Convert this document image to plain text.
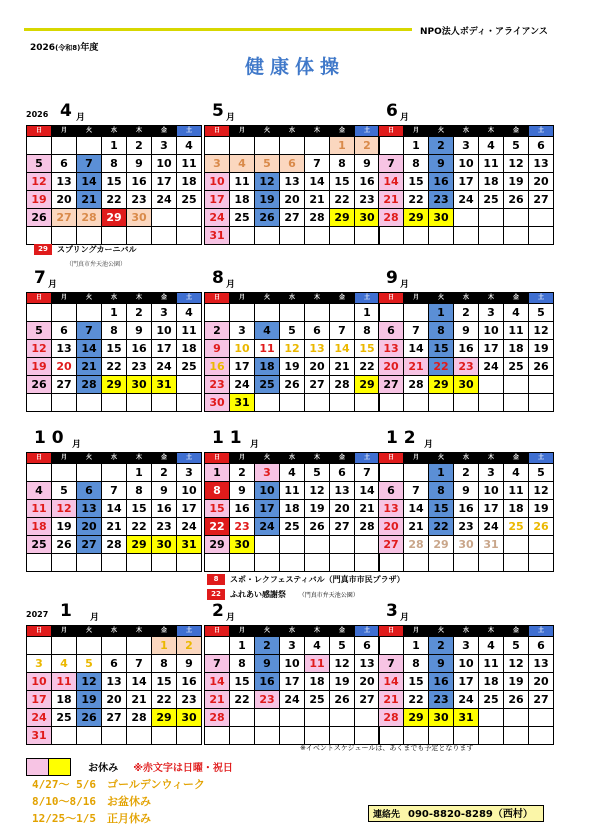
NPO法人ボディ・アライアンス
2026(令和8)年度
健康体操
2026 4 月
日	月	火	水	木	金	土
			1	2	3	4
5	6	7	8	9	10	11
12	13	14	15	16	17	18
19	20	21	22	23	24	25
26	27	28	29	30		

5 月
日	月	火	水	木	金	土
					1	2
3	4	5	6	7	8	9
10	11	12	13	14	15	16
17	18	19	20	21	22	23
24	25	26	27	28	29	30
31						
6 月
日	月	火	水	木	金	土
	1	2	3	4	5	6
7	8	9	10	11	12	13
14	15	16	17	18	19	20
21	22	23	24	25	26	27
28	29	30				

7 月
日	月	火	水	木	金	土
			1	2	3	4
5	6	7	8	9	10	11
12	13	14	15	16	17	18
19	20	21	22	23	24	25
26	27	28	29	30	31	

8 月
日	月	火	水	木	金	土
						1
2	3	4	5	6	7	8
9	10	11	12	13	14	15
16	17	18	19	20	21	22
23	24	25	26	27	28	29
30	31					
9 月
日	月	火	水	木	金	土
		1	2	3	4	5
6	7	8	9	10	11	12
13	14	15	16	17	18	19
20	21	22	23	24	25	26
27	28	29	30			

1 0 月
日	月	火	水	木	金	土
				1	2	3
4	5	6	7	8	9	10
11	12	13	14	15	16	17
18	19	20	21	22	23	24
25	26	27	28	29	30	31

1 1 月
日	月	火	水	木	金	土
1	2	3	4	5	6	7
8	9	10	11	12	13	14
15	16	17	18	19	20	21
22	23	24	25	26	27	28
29	30					

1 2 月
日	月	火	水	木	金	土
		1	2	3	4	5
6	7	8	9	10	11	12
13	14	15	16	17	18	19
20	21	22	23	24	25	26
27	28	29	30	31		

2027 1 月
日	月	火	水	木	金	土
					1	2
3	4	5	6	7	8	9
10	11	12	13	14	15	16
17	18	19	20	21	22	23
24	25	26	27	28	29	30
31						
2 月
日	月	火	水	木	金	土
	1	2	3	4	5	6
7	8	9	10	11	12	13
14	15	16	17	18	19	20
21	22	23	24	25	26	27
28						

3 月
日	月	火	水	木	金	土
	1	2	3	4	5	6
7	8	9	10	11	12	13
14	15	16	17	18	19	20
21	22	23	24	25	26	27
28	29	30	31			

29 スプリングカーニバル
（門真市弁天池公園）
8 スポ・レクフェスティバル（門真市市民プラザ）
22 ふれあい感謝祭 （門真市弁天池公園）
※イベントスケジュールは、あくまでも予定となります
お休み ※赤文字は日曜・祝日
4/27〜 5/6　ゴールデンウィーク
8/10〜8/16　お盆休み
12/25〜1/5　正月休み	連絡先 090-8820-8289（西村）
